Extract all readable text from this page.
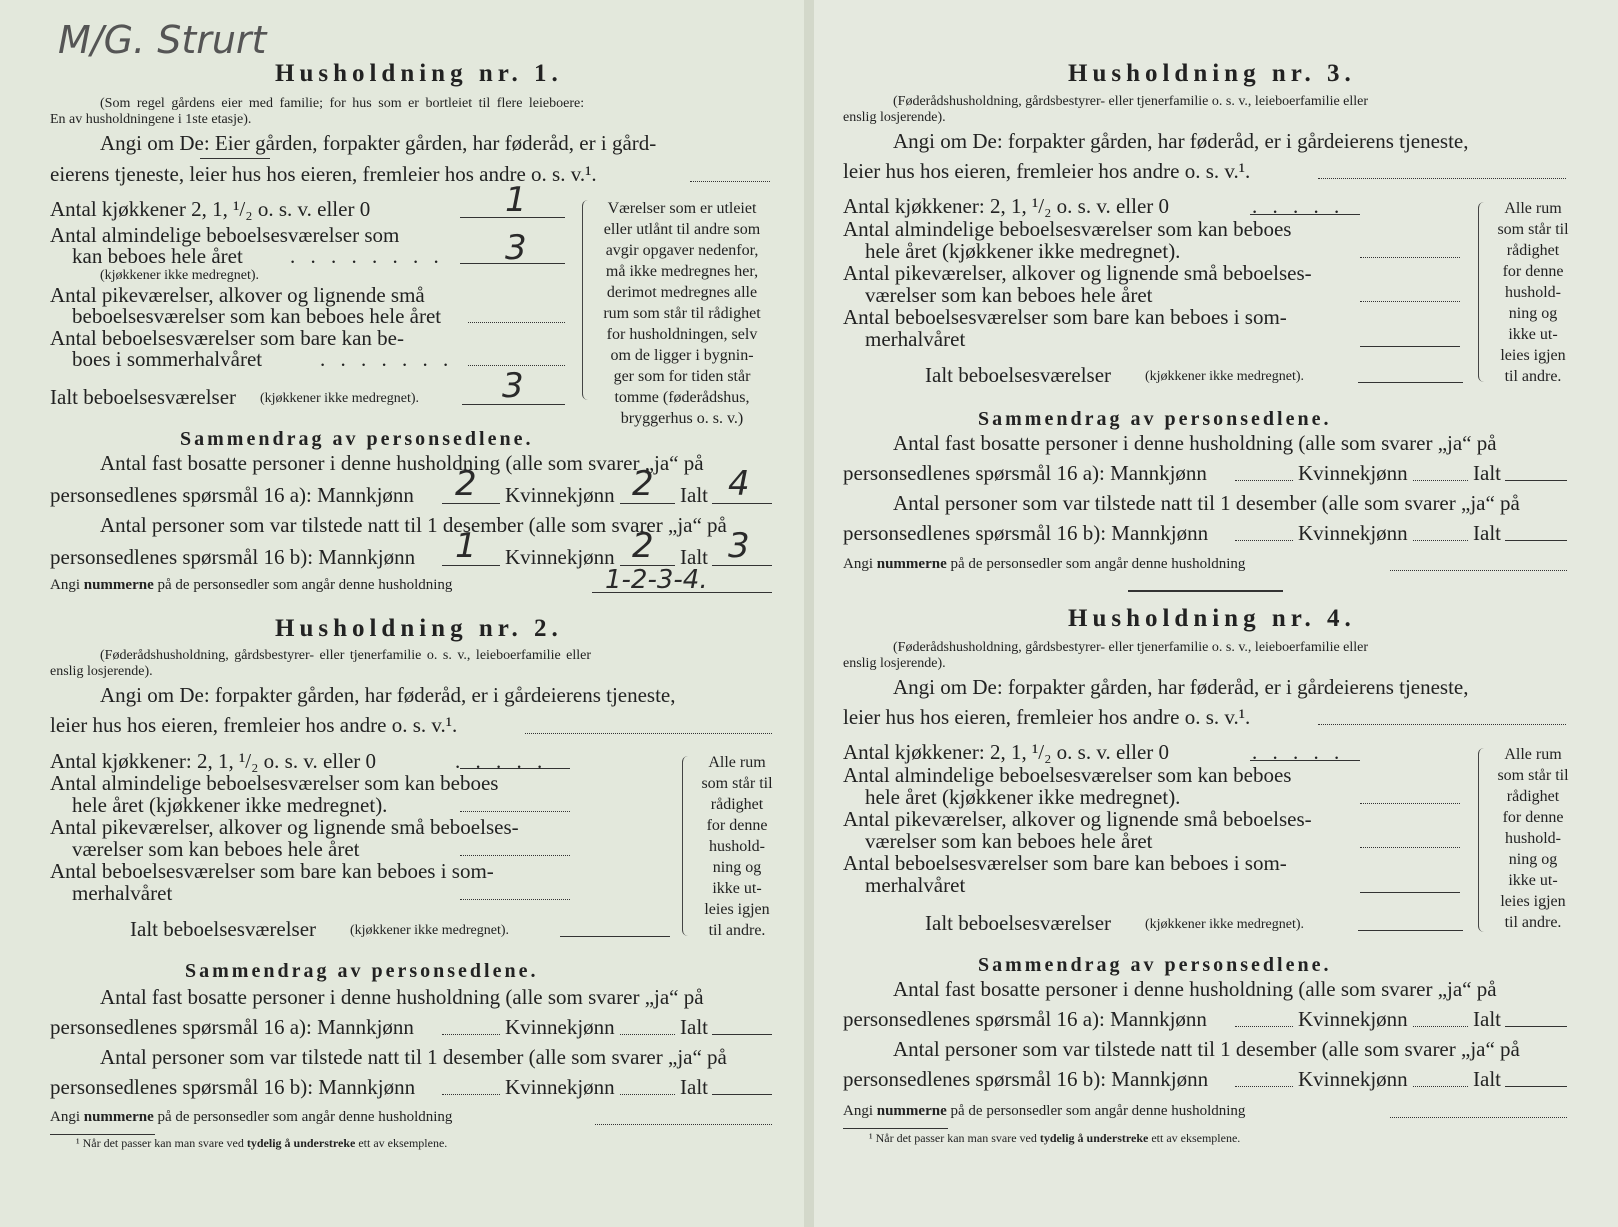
M/G. Strurt
Husholdning nr. 1.
(Som regel gårdens eier med familie; for hus som er bortleiet til flere leieboere:
En av husholdningene i 1ste etasje).
Angi om De: Eier gården, forpakter gården, har føderåd, er i gård-
eierens tjeneste, leier hus hos eieren, fremleier hos andre o. s. v.¹.
Antal kjøkkener 2, 1, ¹/₂ o. s. v. eller 0	1
Antal almindelige beboelsesværelser som
kan beboes hele året
(kjøkkener ikke medregnet).
. . . . . . . . 3
Antal pikeværelser, alkover og lignende små
beboelsesværelser som kan beboes hele året
Antal beboelsesværelser som bare kan be-
boes i sommerhalvåret	. . . . . . .
Ialt beboelsesværelser (kjøkkener ikke medregnet). 3
Værelser som er utleiet
eller utlånt til andre som
avgir opgaver nedenfor,
må ikke medregnes her,
derimot medregnes alle
rum som står til rådighet
for husholdningen, selv
om de ligger i bygnin-
ger som for tiden står
tomme (føderådshus,
bryggerhus o. s. v.)
Sammendrag av personsedlene.
Antal fast bosatte personer i denne husholdning (alle som svarer „ja“ på
personsedlenes spørsmål 16 a): Mannkjønn 2 Kvinnekjønn 2 Ialt 4
Antal personer som var tilstede natt til 1 desember (alle som svarer „ja“ på
personsedlenes spørsmål 16 b): Mannkjønn 1 Kvinnekjønn 2 Ialt 3
Angi nummerne på de personsedler som angår denne husholdning	1-2-3-4.
Husholdning nr. 2.
(Føderådshusholdning, gårdsbestyrer- eller tjenerfamilie o. s. v., leieboerfamilie eller
enslig losjerende).
Angi om De: forpakter gården, har føderåd, er i gårdeierens tjeneste,
leier hus hos eieren, fremleier hos andre o. s. v.¹.
Antal kjøkkener: 2, 1, ¹/₂ o. s. v. eller 0	. . . . .
Antal almindelige beboelsesværelser som kan beboes
hele året (kjøkkener ikke medregnet).
Antal pikeværelser, alkover og lignende små beboelses-
værelser som kan beboes hele året
Antal beboelsesværelser som bare kan beboes i som-
merhalvåret
Ialt beboelsesværelser (kjøkkener ikke medregnet).
Alle rum
som står til
rådighet
for denne
hushold-
ning og
ikke ut-
leies igjen
til andre.
Sammendrag av personsedlene.
Antal fast bosatte personer i denne husholdning (alle som svarer „ja“ på
personsedlenes spørsmål 16 a): Mannkjønn	Kvinnekjønn	Ialt
Antal personer som var tilstede natt til 1 desember (alle som svarer „ja“ på
personsedlenes spørsmål 16 b): Mannkjønn	Kvinnekjønn	Ialt
Angi nummerne på de personsedler som angår denne husholdning
¹ Når det passer kan man svare ved tydelig å understreke ett av eksemplene.
Husholdning nr. 3.
(Føderådshusholdning, gårdsbestyrer- eller tjenerfamilie o. s. v., leieboerfamilie eller
enslig losjerende).
Angi om De: forpakter gården, har føderåd, er i gårdeierens tjeneste,
leier hus hos eieren, fremleier hos andre o. s. v.¹.
Antal kjøkkener: 2, 1, ¹/₂ o. s. v. eller 0	. . . . .
Antal almindelige beboelsesværelser som kan beboes
hele året (kjøkkener ikke medregnet).
Antal pikeværelser, alkover og lignende små beboelses-
værelser som kan beboes hele året
Antal beboelsesværelser som bare kan beboes i som-
merhalvåret
Ialt beboelsesværelser (kjøkkener ikke medregnet).
Alle rum
som står til
rådighet
for denne
hushold-
ning og
ikke ut-
leies igjen
til andre.
Sammendrag av personsedlene.
Antal fast bosatte personer i denne husholdning (alle som svarer „ja“ på
personsedlenes spørsmål 16 a): Mannkjønn	Kvinnekjønn	Ialt
Antal personer som var tilstede natt til 1 desember (alle som svarer „ja“ på
personsedlenes spørsmål 16 b): Mannkjønn	Kvinnekjønn	Ialt
Angi nummerne på de personsedler som angår denne husholdning
Husholdning nr. 4.
(Føderådshusholdning, gårdsbestyrer- eller tjenerfamilie o. s. v., leieboerfamilie eller
enslig losjerende).
Angi om De: forpakter gården, har føderåd, er i gårdeierens tjeneste,
leier hus hos eieren, fremleier hos andre o. s. v.¹.
Antal kjøkkener: 2, 1, ¹/₂ o. s. v. eller 0	. . . . .
Antal almindelige beboelsesværelser som kan beboes
hele året (kjøkkener ikke medregnet).
Antal pikeværelser, alkover og lignende små beboelses-
værelser som kan beboes hele året
Antal beboelsesværelser som bare kan beboes i som-
merhalvåret
Ialt beboelsesværelser (kjøkkener ikke medregnet).
Alle rum
som står til
rådighet
for denne
hushold-
ning og
ikke ut-
leies igjen
til andre.
Sammendrag av personsedlene.
Antal fast bosatte personer i denne husholdning (alle som svarer „ja“ på
personsedlenes spørsmål 16 a): Mannkjønn	Kvinnekjønn	Ialt
Antal personer som var tilstede natt til 1 desember (alle som svarer „ja“ på
personsedlenes spørsmål 16 b): Mannkjønn	Kvinnekjønn	Ialt
Angi nummerne på de personsedler som angår denne husholdning
¹ Når det passer kan man svare ved tydelig å understreke ett av eksemplene.
